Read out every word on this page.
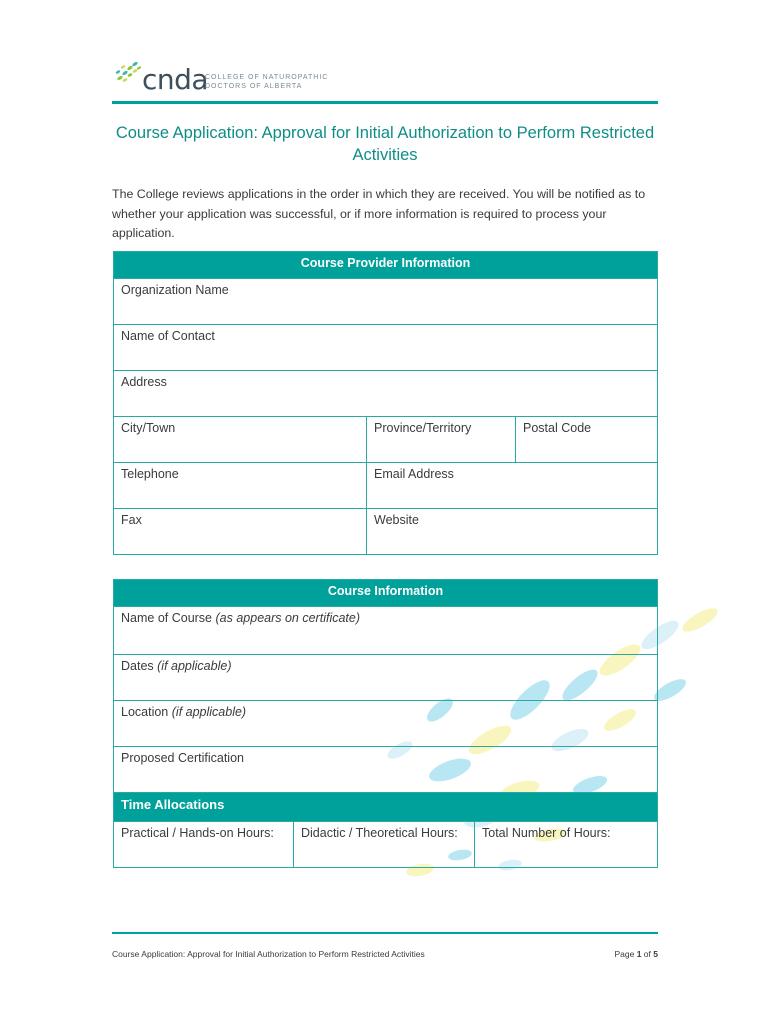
cnda
COLLEGE OF NATUROPATHIC
DOCTORS OF ALBERTA
Course Application: Approval for Initial Authorization to Perform Restricted
Activities
The College reviews applications in the order in which they are received. You will be notified as to whether your application was successful, or if more information is required to process your application.
Course Provider Information		
Organization Name		
Name of Contact		
Address		
City/Town	Province/Territory	Postal Code
Telephone	Email Address	
Fax	Website	
Course Information
Name of Course (as appears on certificate)
Dates (if applicable)
Location (if applicable)
Proposed Certification
Time Allocations
Practical / Hands-on Hours:	Didactic / Theoretical Hours:	Total Number of Hours:
Course Application: Approval for Initial Authorization to Perform Restricted Activities	Page 1 of 5
